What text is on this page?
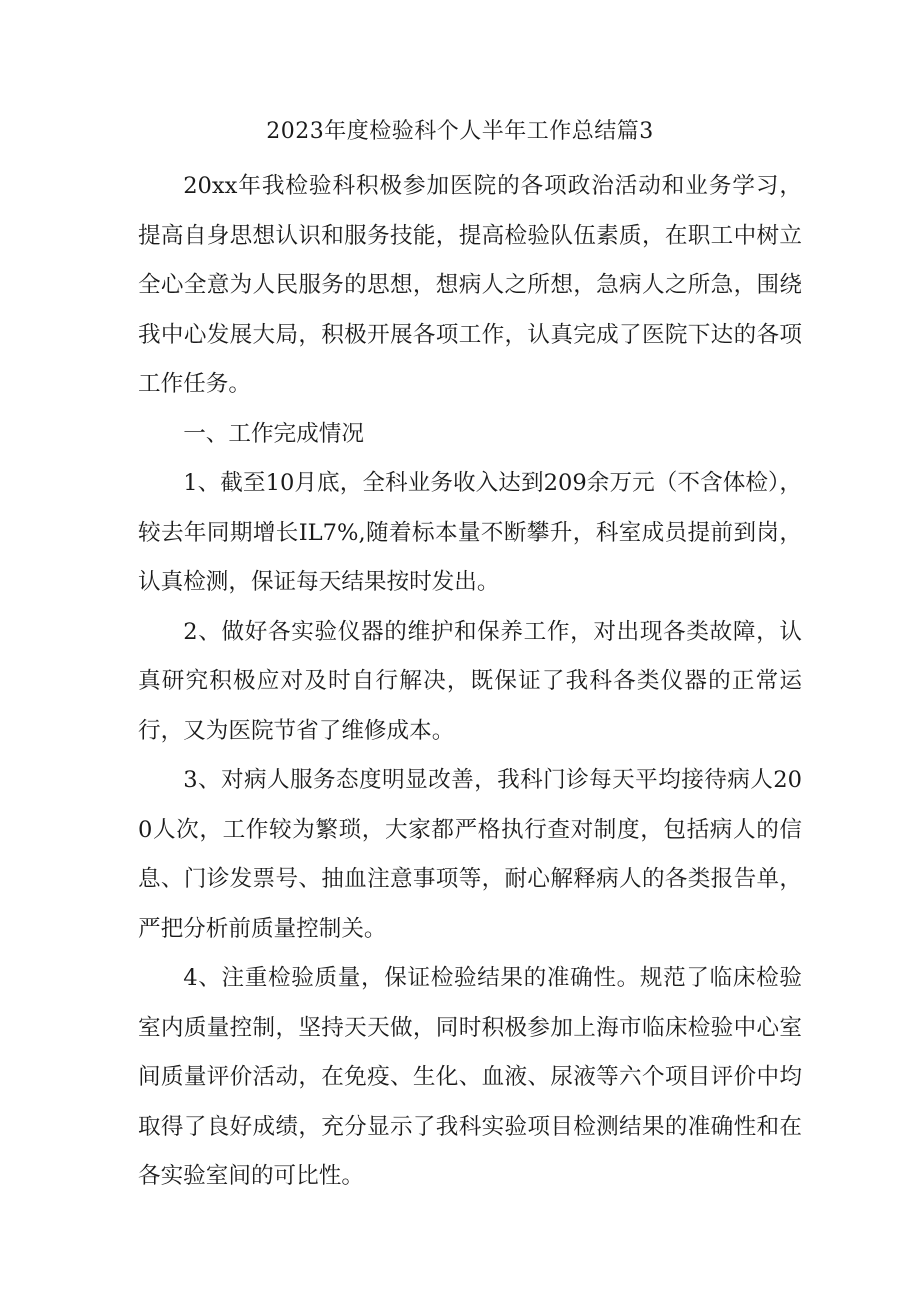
2023年度检验科个人半年工作总结篇3

20xx年我检验科积极参加医院的各项政治活动和业务学习，提高自身思想认识和服务技能，提高检验队伍素质，在职工中树立全心全意为人民服务的思想，想病人之所想，急病人之所急，围绕我中心发展大局，积极开展各项工作，认真完成了医院下达的各项工作任务。

一、工作完成情况

1、截至10月底，全科业务收入达到209余万元（不含体检），较去年同期增长IL7%,随着标本量不断攀升，科室成员提前到岗，认真检测，保证每天结果按时发出。

2、做好各实验仪器的维护和保养工作，对出现各类故障，认真研究积极应对及时自行解决，既保证了我科各类仪器的正常运行，又为医院节省了维修成本。

3、对病人服务态度明显改善，我科门诊每天平均接待病人200人次，工作较为繁琐，大家都严格执行查对制度，包括病人的信息、门诊发票号、抽血注意事项等，耐心解释病人的各类报告单，严把分析前质量控制关。

4、注重检验质量，保证检验结果的准确性。规范了临床检验室内质量控制，坚持天天做，同时积极参加上海市临床检验中心室间质量评价活动，在免疫、生化、血液、尿液等六个项目评价中均取得了良好成绩，充分显示了我科实验项目检测结果的准确性和在各实验室间的可比性。
